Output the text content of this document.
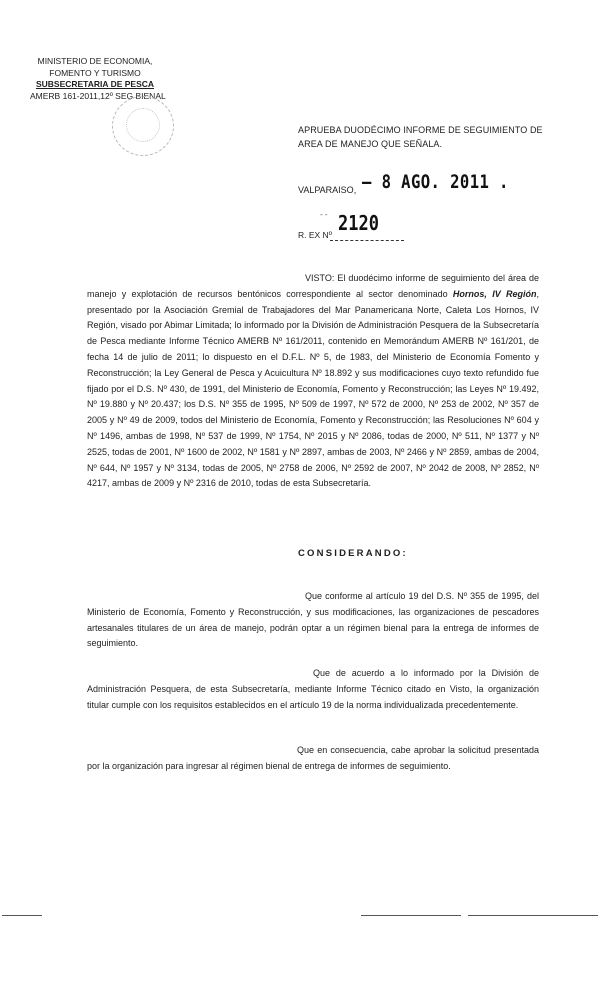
MINISTERIO DE ECONOMIA,
FOMENTO Y TURISMO
SUBSECRETARIA DE PESCA
AMERB 161-2011,12º SEG BIENAL
APRUEBA DUODÉCIMO INFORME DE SEGUIMIENTO DE
AREA DE MANEJO QUE SEÑALA.
VALPARAISO, – 8 AGO. 2011 .
- - 2120
R. EX Nº
VISTO: El duodécimo informe de seguimiento del área de manejo y explotación de recursos bentónicos correspondiente al sector denominado Hornos, IV Región, presentado por la Asociación Gremial de Trabajadores del Mar Panamericana Norte, Caleta Los Hornos, IV Región, visado por Abimar Limitada; lo informado por la División de Administración Pesquera de la Subsecretaría de Pesca mediante Informe Técnico AMERB Nº 161/2011, contenido en Memorándum AMERB Nº 161/201, de fecha 14 de julio de 2011; lo dispuesto en el D.F.L. Nº 5, de 1983, del Ministerio de Economía Fomento y Reconstrucción; la Ley General de Pesca y Acuicultura Nº 18.892 y sus modificaciones cuyo texto refundido fue fijado por el D.S. Nº 430, de 1991, del Ministerio de Economía, Fomento y Reconstrucción; las Leyes Nº 19.492, Nº 19.880 y Nº 20.437; los D.S. Nº 355 de 1995, Nº 509 de 1997, Nº 572 de 2000, Nº 253 de 2002, Nº 357 de 2005 y Nº 49 de 2009, todos del Ministerio de Economía, Fomento y Reconstrucción; las Resoluciones Nº 604 y Nº 1496, ambas de 1998, Nº 537 de 1999, Nº 1754, Nº 2015 y Nº 2086, todas de 2000, Nº 511, Nº 1377 y Nº 2525, todas de 2001, Nº 1600 de 2002, Nº 1581 y Nº 2897, ambas de 2003, Nº 2466 y Nº 2859, ambas de 2004, Nº 644, Nº 1957 y Nº 3134, todas de 2005, Nº 2758 de 2006, Nº 2592 de 2007, Nº 2042 de 2008, Nº 2852, Nº 4217, ambas de 2009 y Nº 2316 de 2010, todas de esta Subsecretaría.
CONSIDERANDO:
Que conforme al artículo 19 del D.S. Nº 355 de 1995, del Ministerio de Economía, Fomento y Reconstrucción, y sus modificaciones, las organizaciones de pescadores artesanales titulares de un área de manejo, podrán optar a un régimen bienal para la entrega de informes de seguimiento.
Que de acuerdo a lo informado por la División de Administración Pesquera, de esta Subsecretaría, mediante Informe Técnico citado en Visto, la organización titular cumple con los requisitos establecidos en el artículo 19 de la norma individualizada precedentemente.
Que en consecuencia, cabe aprobar la solicitud presentada por la organización para ingresar al régimen bienal de entrega de informes de seguimiento.
